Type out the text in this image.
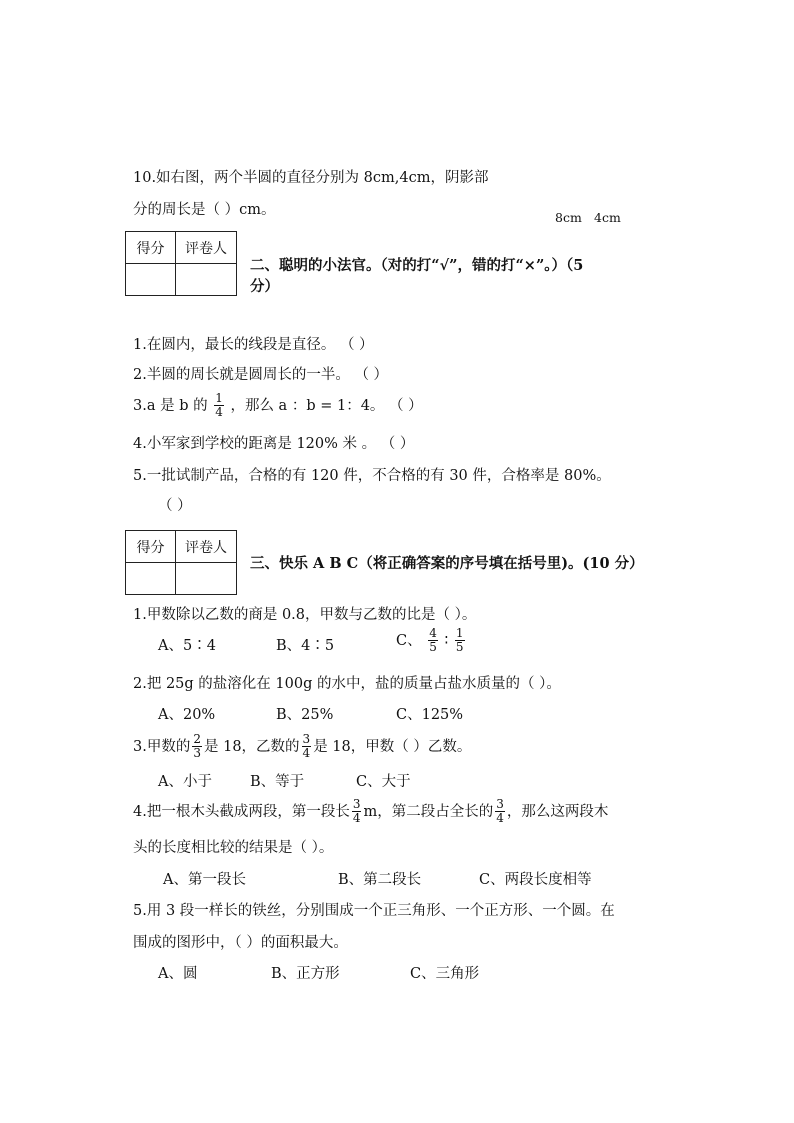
10.如右图，两个半圆的直径分别为 8cm,4cm，阴影部
分的周长是（ ）cm。	8cm 4cm
得分	评卷人

二、聪明的小法官。（对的打“√”，错的打“×”。）（5
分）
1.在圆内，最长的线段是直径。 （ ）
2.半圆的周长就是圆周长的一半。 （ ）
3.a 是 b 的 $\frac{1}{4}$ ，那么 a ：b = 1：4。 （ ）
4.小军家到学校的距离是 120% 米 。 （ ）
5.一批试制产品，合格的有 120 件，不合格的有 30 件，合格率是 80%。
（ ）
得分	评卷人

三、快乐 A B C（将正确答案的序号填在括号里)。(10 分）
1.甲数除以乙数的商是 0.8，甲数与乙数的比是（ ）。
A、5∶4	B、4∶5	C、 $\frac{4}{5}$ ∶ $\frac{1}{5}$
2.把 25g 的盐溶化在 100g 的水中，盐的质量占盐水质量的（ ）。
A、20%	B、25%	C、125%
3.甲数的 $\frac{2}{3}$ 是 18，乙数的 $\frac{3}{4}$ 是 18，甲数（ ）乙数。
A、小于	B、等于	C、大于
4.把一根木头截成两段，第一段长 $\frac{3}{4}$ m，第二段占全长的 $\frac{3}{4}$ ，那么这两段木
头的长度相比较的结果是（ ）。
A、第一段长	B、第二段长	C、两段长度相等
5.用 3 段一样长的铁丝，分别围成一个正三角形、一个正方形、一个圆。在
围成的图形中，（ ）的面积最大。
A、圆	B、正方形	C、三角形
